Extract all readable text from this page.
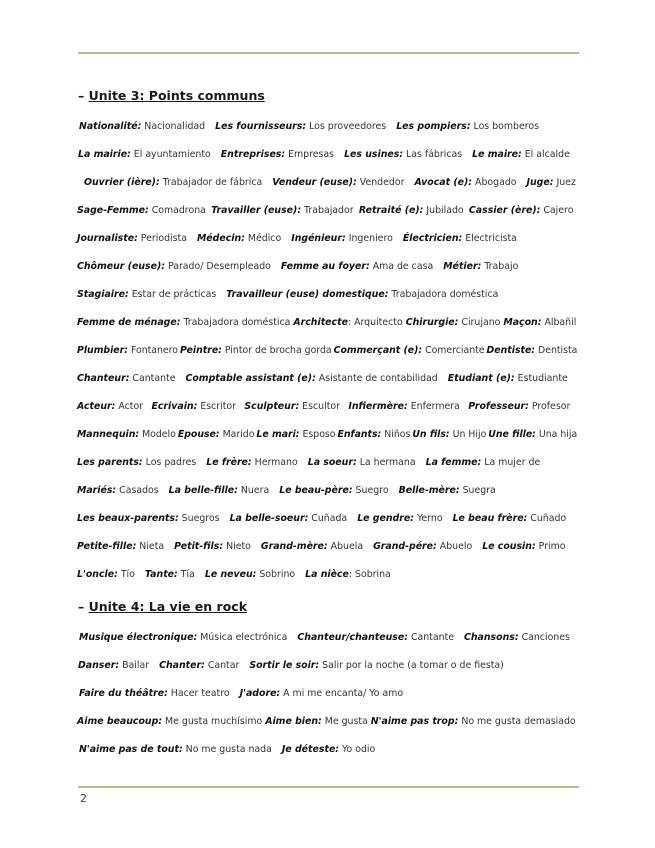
– Unite 3: Points communs
Nationalité: Nacionalidad Les fournisseurs: Los proveedores Les pompiers: Los bomberos
La mairie: El ayuntamiento Entreprises: Empresas Les usines: Las fábricas Le maire: El alcalde
Ouvrier (ière): Trabajador de fábrica Vendeur (euse): Vendedor Avocat (e): Abogado Juge: Juez
Sage-Femme: Comadrona Travailler (euse): Trabajador Retraité (e): Jubilado Cassier (ère): Cajero
Journaliste: Periodista Médecin: Médico Ingénieur: Ingeniero Électricien: Electricista
Chômeur (euse): Parado/ Desempleado Femme au foyer: Ama de casa Métier: Trabajo
Stagiaire: Estar de prácticas Travailleur (euse) domestique: Trabajadora doméstica
Femme de ménage: Trabajadora doméstica Architecte: Arquitecto Chirurgie: Cirujano Maçon: Albañil
Plumbier: Fontanero Peintre: Pintor de brocha gorda Commerçant (e): Comerciante Dentiste: Dentista
Chanteur: Cantante Comptable assistant (e): Asistante de contabilidad Etudiant (e): Estudiante
Acteur: Actor Ecrivain: Escritor Sculpteur: Escultor Infiermère: Enfermera Professeur: Profesor
Mannequin: Modelo Èpouse: Marido Le mari: Esposo Enfants: Niños Un fils: Un Hijo Une fille: Una hija
Les parents: Los padres Le frère: Hermano La soeur: La hermana La femme: La mujer de
Mariés: Casados La belle-fille: Nuera Le beau-père: Suegro Belle-mère: Suegra
Les beaux-parents: Suegros La belle-soeur: Cuñada Le gendre: Yerno Le beau frère: Cuñado
Petite-fille: Nieta Petit-fils: Nieto Grand-mère: Abuela Grand-pére: Abuelo Le cousin: Primo
L'oncle: Tío Tante: Tía Le neveu: Sobrino La nièce: Sobrina
– Unite 4: La vie en rock
Musique électronique: Música electrónica Chanteur/chanteuse: Cantante Chansons: Canciones
Danser: Bailar Chanter: Cantar Sortir le soir: Salir por la noche (a tomar o de fiesta)
Faire du théâtre: Hacer teatro J'adore: A mi me encanta/ Yo amo
Aime beaucoup: Me gusta muchísimo Aime bien: Me gusta N'aime pas trop: No me gusta demasiado
N'aime pas de tout: No me gusta nada Je déteste: Yo odio
2
